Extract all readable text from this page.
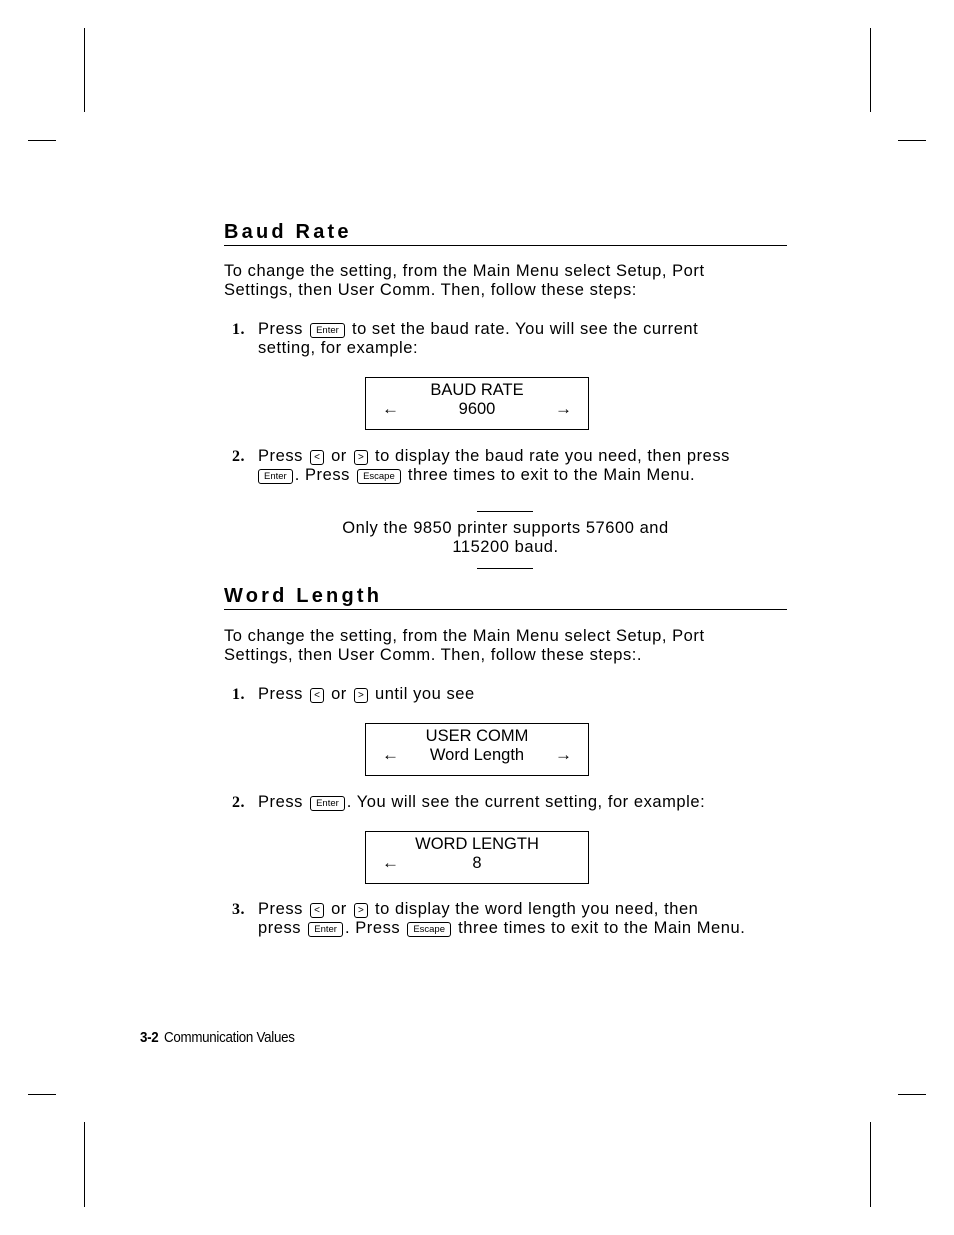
Baud Rate
To change the setting, from the Main Menu select Setup, Port
Settings, then User Comm. Then, follow these steps:
1. Press Enter to set the baud rate. You will see the current
setting, for example:
BAUD RATE
9600
←	→
2. Press < or > to display the baud rate you need, then press
Enter . Press Escape three times to exit to the Main Menu.
Only the 9850 printer supports 57600 and
115200 baud.
Word Length
To change the setting, from the Main Menu select Setup, Port
Settings, then User Comm. Then, follow these steps:.
1. Press < or > until you see
USER COMM
Word Length
←	→
2. Press Enter . You will see the current setting, for example:
WORD LENGTH
8
←
3. Press < or > to display the word length you need, then
press Enter . Press Escape three times to exit to the Main Menu.
3-2 Communication Values
